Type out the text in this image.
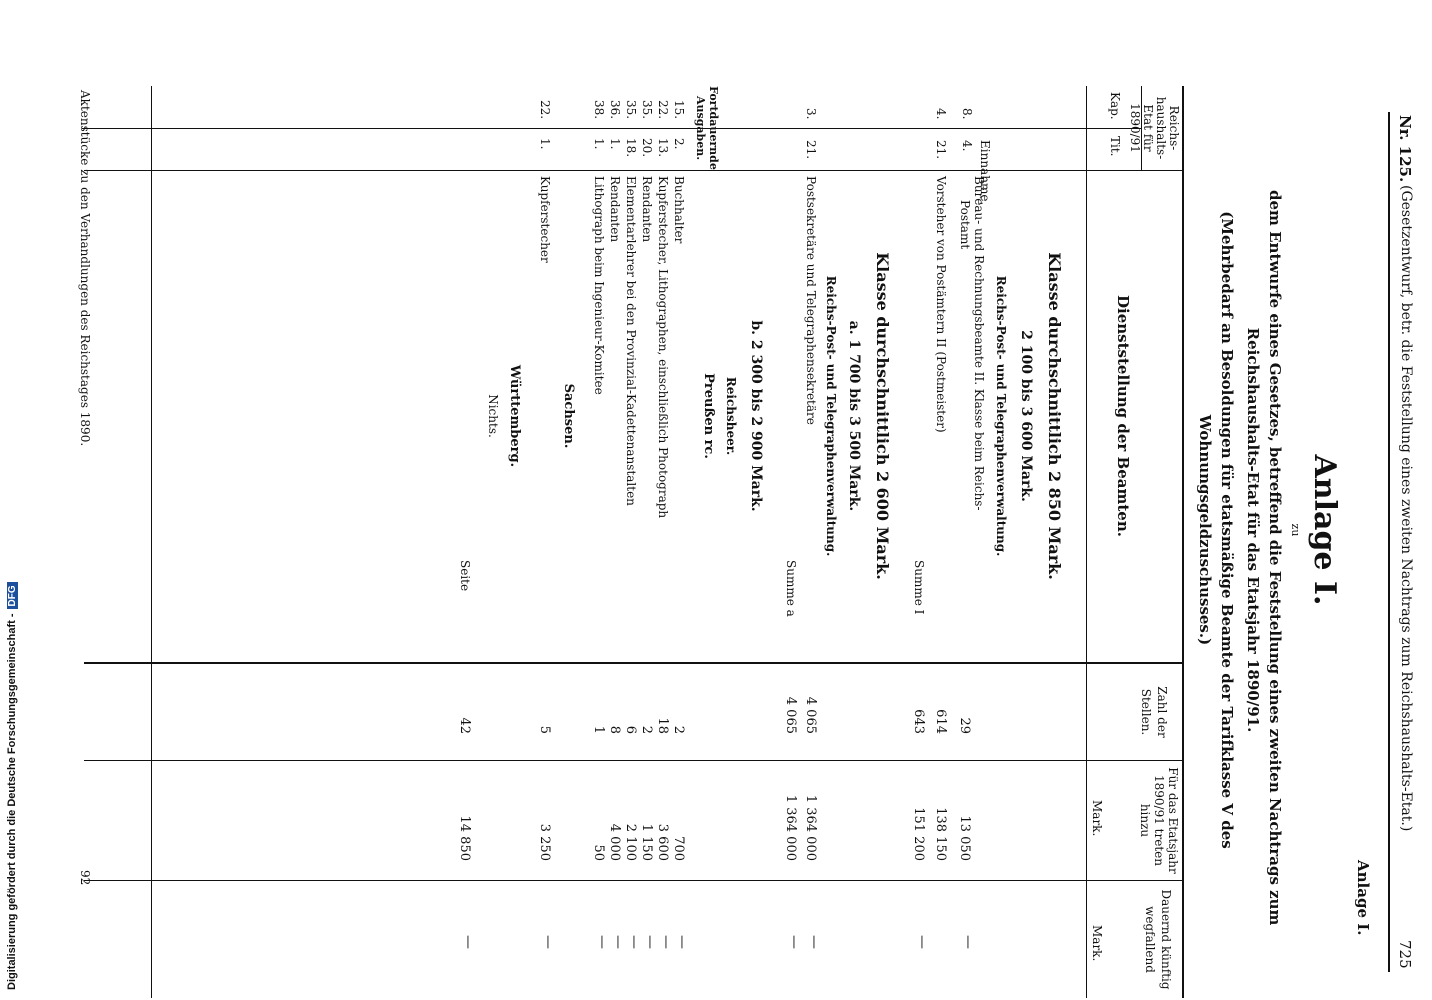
Nr. 125.
(Gesetzentwurf, betr. die Feststellung eines zweiten Nachtrags zum Reichshaushalts-Etat.)
725
Anlage I.
Anlage I.
zu
dem Entwurfe eines Gesetzes, betreffend die Feststellung eines zweiten Nachtrags zum
Reichshaushalts-Etat für das Etatsjahr 1890/91.
(Mehrbedarf an Besoldungen für etatsmäßige Beamte der Tarifklasse V des
Wohnungsgeldzuschusses.)
Reichs-haushalts-Etat für 1890/91
Kap.
Tit.
Dienststellung der Beamten.
Zahl der Stellen.
Für das Etatsjahr 1890/91 treten hinzu
Mark.
Dauernd künftig wegfallend
Mark.
Klasse durchschnittlich 2 850 Mark.
2 100 bis 3 600 Mark.
Reichs-Post- und Telegraphenverwaltung.
Einnahme.
8.
4.
Büreau- und Rechnungsbeamte II. Klasse beim Reichs-
Postamt
29
13 050
—
4.
21.
Vorsteher von Postämtern II (Postmeister)
614
138 150
Summe I
643
151 200
—
Klasse durchschnittlich 2 600 Mark.
a. 1 700 bis 3 500 Mark.
Reichs-Post- und Telegraphenverwaltung.
3.
21.
Postsekretäre und Telegraphensekretäre
4 065
1 364 000
—
Summe a
4 065
1 364 000
—
b. 2 300 bis 2 900 Mark.
Reichsheer.
Fortdauernde Ausgaben.
Preußen rc.
15.
2.
Buchhalter
2
700
—
22.
13.
Kupferstecher, Lithographen, einschließlich Photograph
18
3 600
—
35.
20.
Rendanten
2
1 150
—
35.
18.
Elementarlehrer bei den Provinzial-Kadettenanstalten
6
2 100
—
36.
1.
Rendanten
8
4 000
—
38.
1.
Lithograph beim Ingenieur-Komitee
1
50
—
Sachsen.
22.
1.
Kupferstecher
5
3 250
—
Württemberg.
Nichts.
Seite
42
14 850
—
Aktenstücke zu den Verhandlungen des Reichstages 1890.
92
Digitalisierung gefördert durch die Deutsche Forschungsgemeinschaft -DFG
